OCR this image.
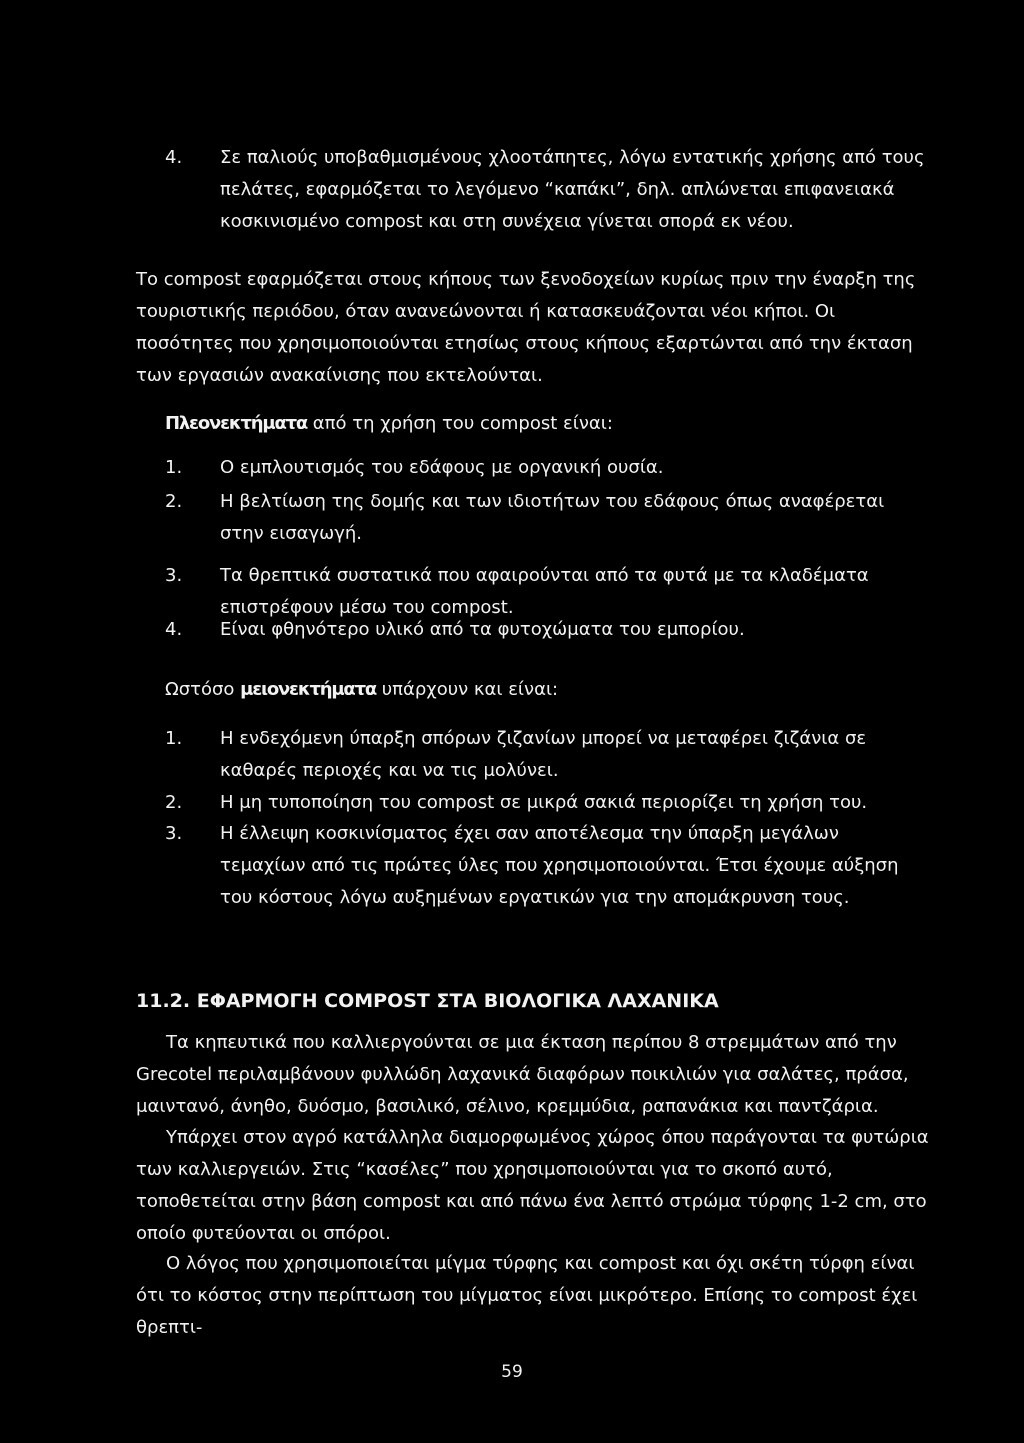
4.	Σε παλιούς υποβαθμισμένους χλοοτάπητες, λόγω εντατικής χρήσης από τους πελάτες, εφαρμόζεται το λεγόμενο “καπάκι”, δηλ. απλώνεται επιφανειακά κοσκινισμένο compost και στη συνέχεια γίνεται σπορά εκ νέου.
Το compost εφαρμόζεται στους κήπους των ξενοδοχείων κυρίως πριν την έναρξη της τουριστικής περιόδου, όταν ανανεώνονται ή κατασκευάζονται νέοι κήποι. Οι ποσότητες που χρησιμοποιούνται ετησίως στους κήπους εξαρτώνται από την έκταση των εργασιών ανακαίνισης που εκτελούνται.
Πλεονεκτήματα από τη χρήση του compost είναι:
1.	Ο εμπλουτισμός του εδάφους με οργανική ουσία.
2.	Η βελτίωση της δομής και των ιδιοτήτων του εδάφους όπως αναφέρεται στην εισαγωγή.
3.	Τα θρεπτικά συστατικά που αφαιρούνται από τα φυτά με τα κλαδέματα επιστρέφουν μέσω του compost.
4.	Είναι φθηνότερο υλικό από τα φυτοχώματα του εμπορίου.
Ωστόσο μειονεκτήματα υπάρχουν και είναι:
1.	Η ενδεχόμενη ύπαρξη σπόρων ζιζανίων μπορεί να μεταφέρει ζιζάνια σε καθαρές περιοχές και να τις μολύνει.
2.	Η μη τυποποίηση του compost σε μικρά σακιά περιορίζει τη χρήση του.
3.	Η έλλειψη κοσκινίσματος έχει σαν αποτέλεσμα την ύπαρξη μεγάλων τεμαχίων από τις πρώτες ύλες που χρησιμοποιούνται. Έτσι έχουμε αύξηση του κόστους λόγω αυξημένων εργατικών για την απομάκρυνση τους.
11.2. ΕΦΑΡΜΟΓΗ COMPOST ΣΤΑ ΒΙΟΛΟΓΙΚΑ ΛΑΧΑΝΙΚΑ
Τα κηπευτικά που καλλιεργούνται σε μια έκταση περίπου 8 στρεμμάτων από την Grecotel περιλαμβάνουν φυλλώδη λαχανικά διαφόρων ποικιλιών για σαλάτες, πράσα, μαιντανό, άνηθο, δυόσμο, βασιλικό, σέλινο, κρεμμύδια, ραπανάκια και παντζάρια.
Υπάρχει στον αγρό κατάλληλα διαμορφωμένος χώρος όπου παράγονται τα φυτώρια των καλλιεργειών. Στις “κασέλες” που χρησιμοποιούνται για το σκοπό αυτό, τοποθετείται στην βάση compost και από πάνω ένα λεπτό στρώμα τύρφης 1-2 cm, στο οποίο φυτεύονται οι σπόροι.
Ο λόγος που χρησιμοποιείται μίγμα τύρφης και compost και όχι σκέτη τύρφη είναι ότι το κόστος στην περίπτωση του μίγματος είναι μικρότερο. Επίσης το compost έχει θρεπτι-
59
